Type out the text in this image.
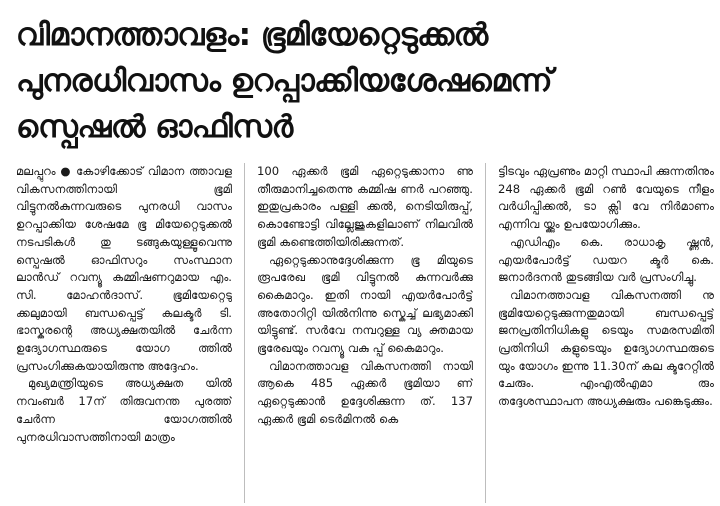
വിമാനത്താവളം: ഭൂമിയേറ്റെടുക്കൽ
പുനരധിവാസം ഉറപ്പാക്കിയശേഷമെന്ന്
സ്പെഷൽ ഓഫിസർ

മലപ്പുറം ● കോഴിക്കോട് വിമാന ത്താവള വികസനത്തിനായി ഭൂമി വിട്ടുനൽകുന്നവരുടെ പുനരധി വാസം ഉറപ്പാക്കിയ ശേഷമേ ഭൂ മിയേറ്റെടുക്കൽ നടപടികൾ തു ടങ്ങുകയുള്ളൂവെന്നു സ്പെഷൽ ഓഫിസറും സംസ്ഥാന ലാൻഡ് റവന്യൂ കമ്മിഷണറുമായ എം. സി. മോഹൻദാസ്. ഭൂമിയേറ്റെടു ക്കലുമായി ബന്ധപ്പെട്ട് കലക്ടർ ടി. ഭാസ്കരന്റെ അധ്യക്ഷതയിൽ ചേർന്ന ഉദ്യോഗസ്ഥരുടെ യോഗ ത്തിൽ പ്രസംഗിക്കുകയായിരുന്നു അദ്ദേഹം.

മുഖ്യമന്ത്രിയുടെ അധ്യക്ഷത യിൽ നവംബർ 17ന് തിരുവനന്ത പുരത്ത് ചേർന്ന യോഗത്തിൽ പുനരധിവാസത്തിനായി മാത്രം

100 ഏക്കർ ഭൂമി ഏറ്റെടുക്കാനാ ണു തീരുമാനിച്ചതെന്നു കമ്മിഷ ണർ പറഞ്ഞു. ഇതുപ്രകാരം പള്ളി ക്കൽ, നെടിയിരുപ്പ്, കൊണ്ടോട്ടി വില്ലേജുകളിലാണ് നിലവിൽ ഭൂമി കണ്ടെത്തിയിരിക്കുന്നത്.

ഏറ്റെടുക്കാനുദ്ദേശിക്കുന്ന ഭൂ മിയുടെ രൂപരേഖ ഭൂമി വിട്ടുനൽ കുന്നവർക്കു കൈമാറും. ഇതി നായി എയർപോർട്ട് അതോറിറ്റി യിൽനിന്നു സ്കെച്ച് ലഭ്യമാക്കി യിട്ടുണ്ട്. സർവേ നമ്പറുള്ള വ്യ ക്തമായ ഭൂരേഖയും റവന്യൂ വകു പ്പ് കൈമാറും.

വിമാനത്താവള വികസനത്തി നായി ആകെ 485 ഏക്കർ ഭൂമിയാ ണ് ഏറ്റെടുക്കാൻ ഉദ്ദേശിക്കുന്ന ത്. 137 ഏക്കർ ഭൂമി ടെർമിനൽ കെ

ട്ടിടവും ഏപ്രണും മാറ്റി സ്ഥാപി ക്കുന്നതിനും 248 ഏക്കർ ഭൂമി റൺ വേയുടെ നീളം വർധിപ്പിക്കൽ, ടാ ക്സി വേ നിർമാണം എന്നിവ യ്ക്കും ഉപയോഗിക്കും.

എഡിഎം കെ. രാധാകൃ ഷ്ണൻ, എയർപോർട്ട് ഡയറ ക്ടർ കെ. ജനാർദനൻ തുടങ്ങിയ വർ പ്രസംഗിച്ചു.

വിമാനത്താവള വികസനത്തി നു ഭൂമിയേറ്റെടുക്കുന്നതുമായി ബന്ധപ്പെട്ട് ജനപ്രതിനിധികളു ടെയും സമരസമിതി പ്രതിനിധി കളുടെയും ഉദ്യോഗസ്ഥരുടെ യും യോഗം ഇന്നു 11.30ന് കല ക്ടറേറ്റിൽ ചേരും. എംഎൽഎമാ രും തദ്ദേശസ്ഥാപന അധ്യക്ഷരും പങ്കെടുക്കും.
